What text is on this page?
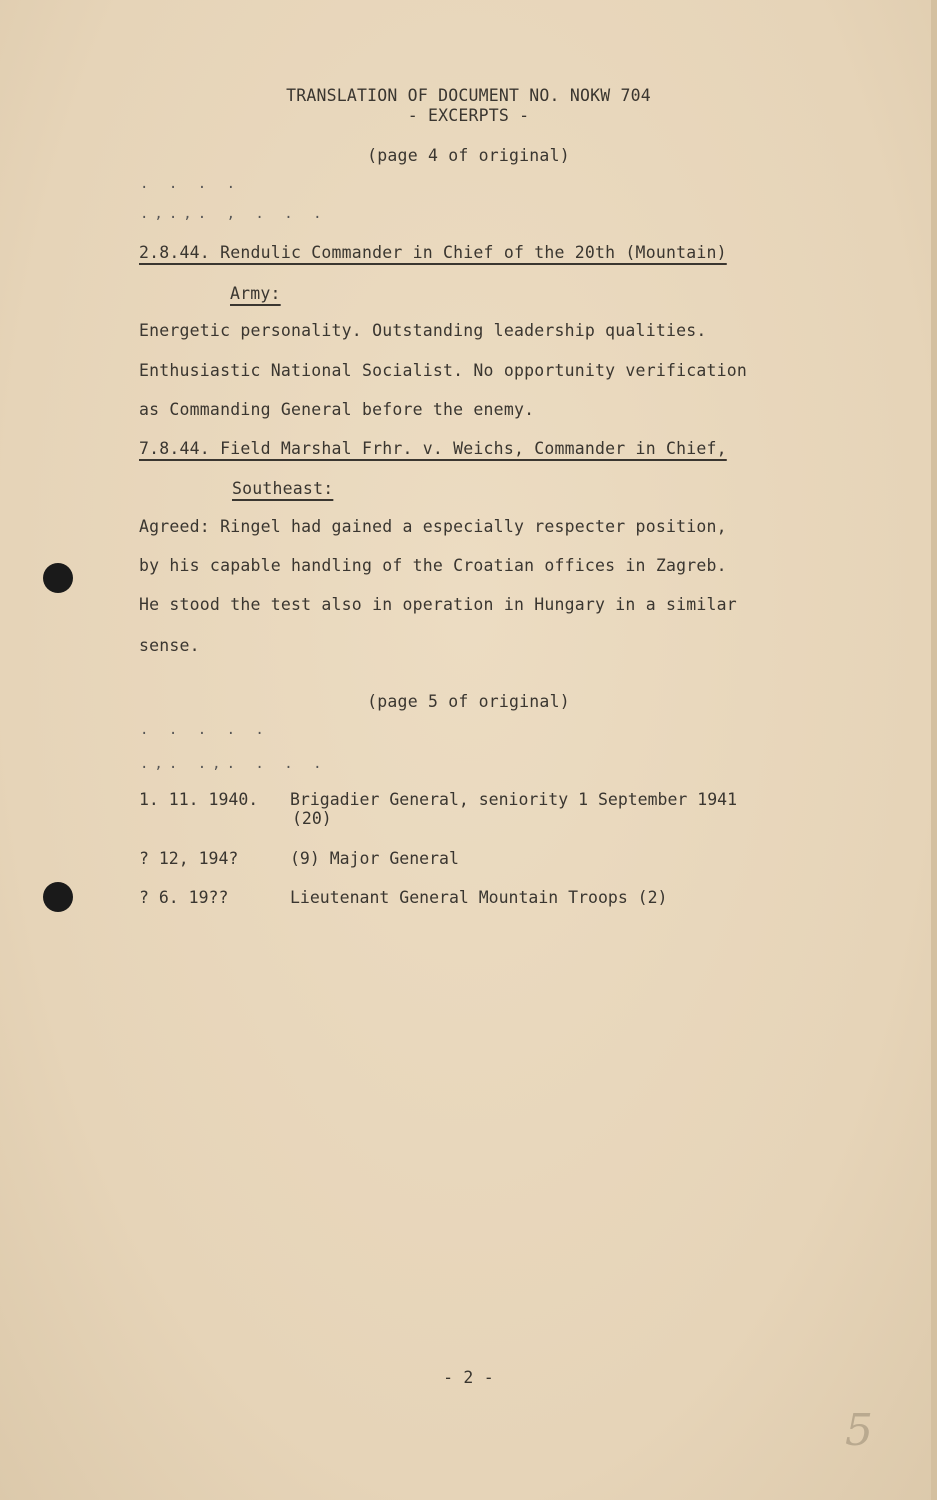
TRANSLATION OF DOCUMENT NO. NOKW 704
- EXCERPTS -
(page 4 of original)
. . . .
.,.,. , . . .
2.8.44. Rendulic Commander in Chief of the 20th (Mountain)
Army:
Energetic personality. Outstanding leadership qualities.
Enthusiastic National Socialist. No opportunity verification
as Commanding General before the enemy.
7.8.44. Field Marshal Frhr. v. Weichs, Commander in Chief,
Southeast:
Agreed: Ringel had gained a especially respecter position,
by his capable handling of the Croatian offices in Zagreb.
He stood the test also in operation in Hungary in a similar
sense.
(page 5 of original)
. . . . .
.,. .,. . . .
1. 11. 1940. Brigadier General, seniority 1 September 1941
(20)
? 12, 194?	(9) Major General
? 6. 19??	Lieutenant General Mountain Troops (2)
- 2 -
5
